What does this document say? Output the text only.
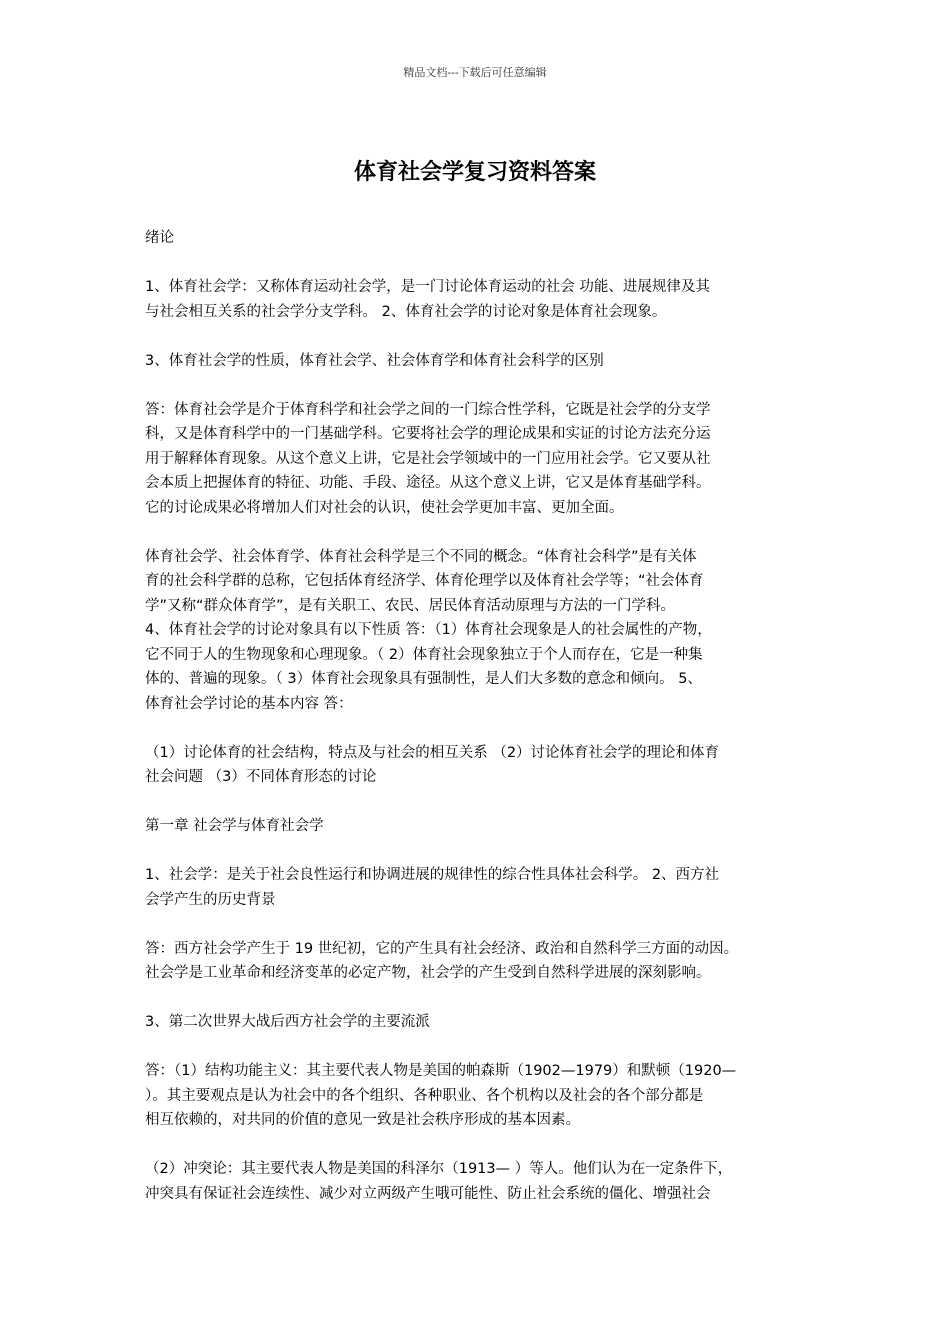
精品文档---下载后可任意编辑
体育社会学复习资料答案
绪论
1、体育社会学：又称体育运动社会学，是一门讨论体育运动的社会 功能、进展规律及其
与社会相互关系的社会学分支学科。 2、体育社会学的讨论对象是体育社会现象。
3、体育社会学的性质，体育社会学、社会体育学和体育社会科学的区别
答：体育社会学是介于体育科学和社会学之间的一门综合性学科，它既是社会学的分支学
科，又是体育科学中的一门基础学科。它要将社会学的理论成果和实证的讨论方法充分运
用于解释体育现象。从这个意义上讲，它是社会学领域中的一门应用社会学。它又要从社
会本质上把握体育的特征、功能、手段、途径。从这个意义上讲，它又是体育基础学科。
它的讨论成果必将增加人们对社会的认识，使社会学更加丰富、更加全面。
体育社会学、社会体育学、体育社会科学是三个不同的概念。“体育社会科学”是有关体
育的社会科学群的总称，它包括体育经济学、体育伦理学以及体育社会学等；“社会体育
学”又称“群众体育学”，是有关职工、农民、居民体育活动原理与方法的一门学科。
4、体育社会学的讨论对象具有以下性质 答：（1）体育社会现象是人的社会属性的产物，
它不同于人的生物现象和心理现象。（ 2）体育社会现象独立于个人而存在，它是一种集
体的、普遍的现象。（ 3）体育社会现象具有强制性，是人们大多数的意念和倾向。 5、
体育社会学讨论的基本内容 答：
（1）讨论体育的社会结构，特点及与社会的相互关系 （2）讨论体育社会学的理论和体育
社会问题 （3）不同体育形态的讨论
第一章 社会学与体育社会学
1、社会学：是关于社会良性运行和协调进展的规律性的综合性具体社会科学。 2、西方社
会学产生的历史背景
答：西方社会学产生于 19 世纪初，它的产生具有社会经济、政治和自然科学三方面的动因。
社会学是工业革命和经济变革的必定产物，社会学的产生受到自然科学进展的深刻影响。
3、第二次世界大战后西方社会学的主要流派
答：（1）结构功能主义：其主要代表人物是美国的帕森斯（1902—1979）和默顿（1920—
）。其主要观点是认为社会中的各个组织、各种职业、各个机构以及社会的各个部分都是
相互依赖的，对共同的价值的意见一致是社会秩序形成的基本因素。
（2）冲突论：其主要代表人物是美国的科泽尔（1913— ）等人。他们认为在一定条件下，
冲突具有保证社会连续性、减少对立两级产生哦可能性、防止社会系统的僵化、增强社会
